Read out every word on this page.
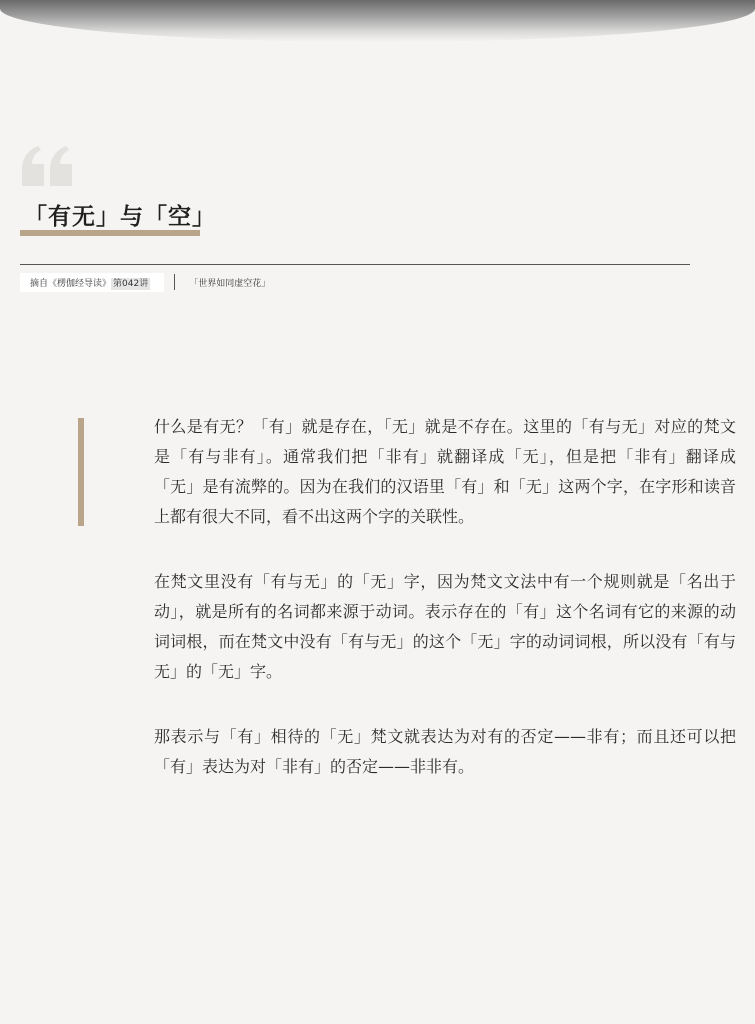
「有无」与「空」
摘自《楞伽经导读》 第042讲	「世界如同虚空花」

什么是有无？「有」就是存在，「无」就是不存在。这里的「有与无」对应的梵文是「有与非有」。通常我们把「非有」就翻译成「无」，但是把「非有」翻译成「无」是有流弊的。因为在我们的汉语里「有」和「无」这两个字，在字形和读音上都有很大不同，看不出这两个字的关联性。

在梵文里没有「有与无」的「无」字，因为梵文文法中有一个规则就是「名出于动」，就是所有的名词都来源于动词。表示存在的「有」这个名词有它的来源的动词词根，而在梵文中没有「有与无」的这个「无」字的动词词根，所以没有「有与无」的「无」字。

那表示与「有」相待的「无」梵文就表达为对有的否定——非有；而且还可以把「有」表达为对「非有」的否定——非非有。
